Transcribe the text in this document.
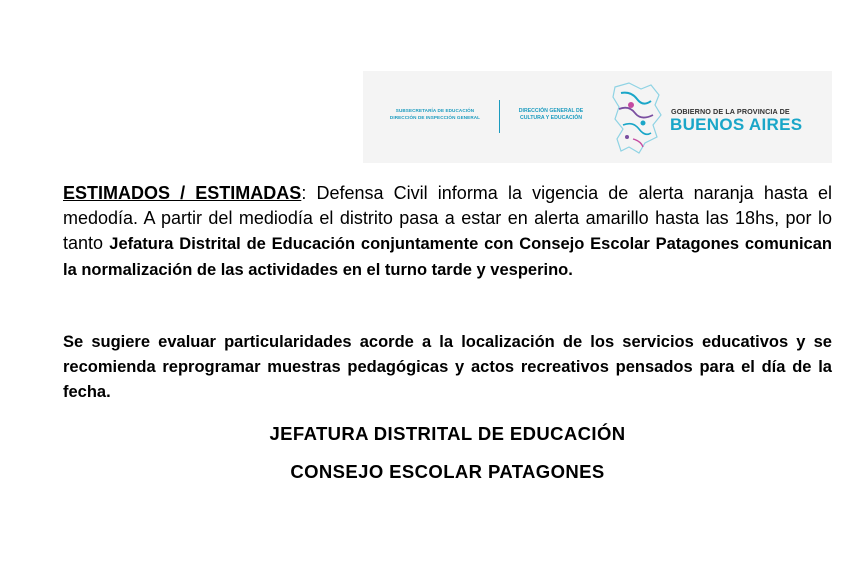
SUBSECRETARÍA DE EDUCACIÓN
DIRECCIÓN DE INSPECCIÓN GENERAL
DIRECCIÓN GENERAL DE
CULTURA Y EDUCACIÓN
GOBIERNO DE LA PROVINCIA DE
BUENOS AIRES
ESTIMADOS / ESTIMADAS: Defensa Civil informa la vigencia de alerta naranja hasta el medodía. A partir del mediodía el distrito pasa a estar en alerta amarillo hasta las 18hs, por lo tanto Jefatura Distrital de Educación conjuntamente con Consejo Escolar Patagones comunican la normalización de las actividades en el turno tarde y vesperino.
Se sugiere evaluar particularidades acorde a la localización de los servicios educativos y se recomienda reprogramar muestras pedagógicas y actos recreativos pensados para el día de la fecha.
JEFATURA DISTRITAL DE EDUCACIÓN
CONSEJO ESCOLAR PATAGONES
